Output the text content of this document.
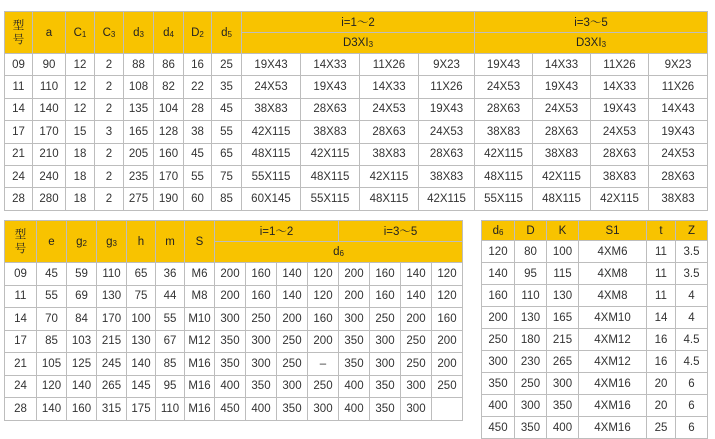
型
号	a	C1	C3	d3	d4	D2	d5	i=1～2				i=3～5			
								D3XI3				D3XI3			
09	90	12	2	88	86	16	25	19X43	14X33	11X26	9X23	19X43	14X33	11X26	9X23
11	110	12	2	108	82	22	35	24X53	19X43	14X33	11X26	24X53	19X43	14X33	11X26
14	140	12	2	135	104	28	45	38X83	28X63	24X53	19X43	28X63	24X53	19X43	14X43
17	170	15	3	165	128	38	55	42X115	38X83	28X63	24X53	38X83	28X63	24X53	19X43
21	210	18	2	205	160	45	65	48X115	42X115	38X83	28X63	42X115	38X83	28X63	24X53
24	240	18	2	235	170	55	75	55X115	48X115	42X115	38X83	48X115	42X115	38X83	28X63
28	280	18	2	275	190	60	85	60X145	55X115	48X115	42X115	55X115	48X115	42X115	38X83
型
号	e	g2	g3	h	m	S	i=1～2				i=3～5			
							d6							
09	45	59	110	65	36	M6	200	160	140	120	200	160	140	120
11	55	69	130	75	44	M8	200	160	140	120	200	160	140	120
14	70	84	170	100	55	M10	300	250	200	160	300	250	200	160
17	85	103	215	130	67	M12	350	300	250	200	350	300	250	200
21	105	125	245	140	85	M16	350	300	250	–	350	300	250	200
24	120	140	265	145	95	M16	400	350	300	250	400	350	300	250
28	140	160	315	175	110	M16	450	400	350	300	400	350	300	
d6	D	K	S1	t	Z
120	80	100	4XM6	11	3.5
140	95	115	4XM8	11	3.5
160	110	130	4XM8	11	4
200	130	165	4XM10	14	4
250	180	215	4XM12	16	4.5
300	230	265	4XM12	16	4.5
350	250	300	4XM16	20	6
400	300	350	4XM16	20	6
450	350	400	4XM16	25	6
